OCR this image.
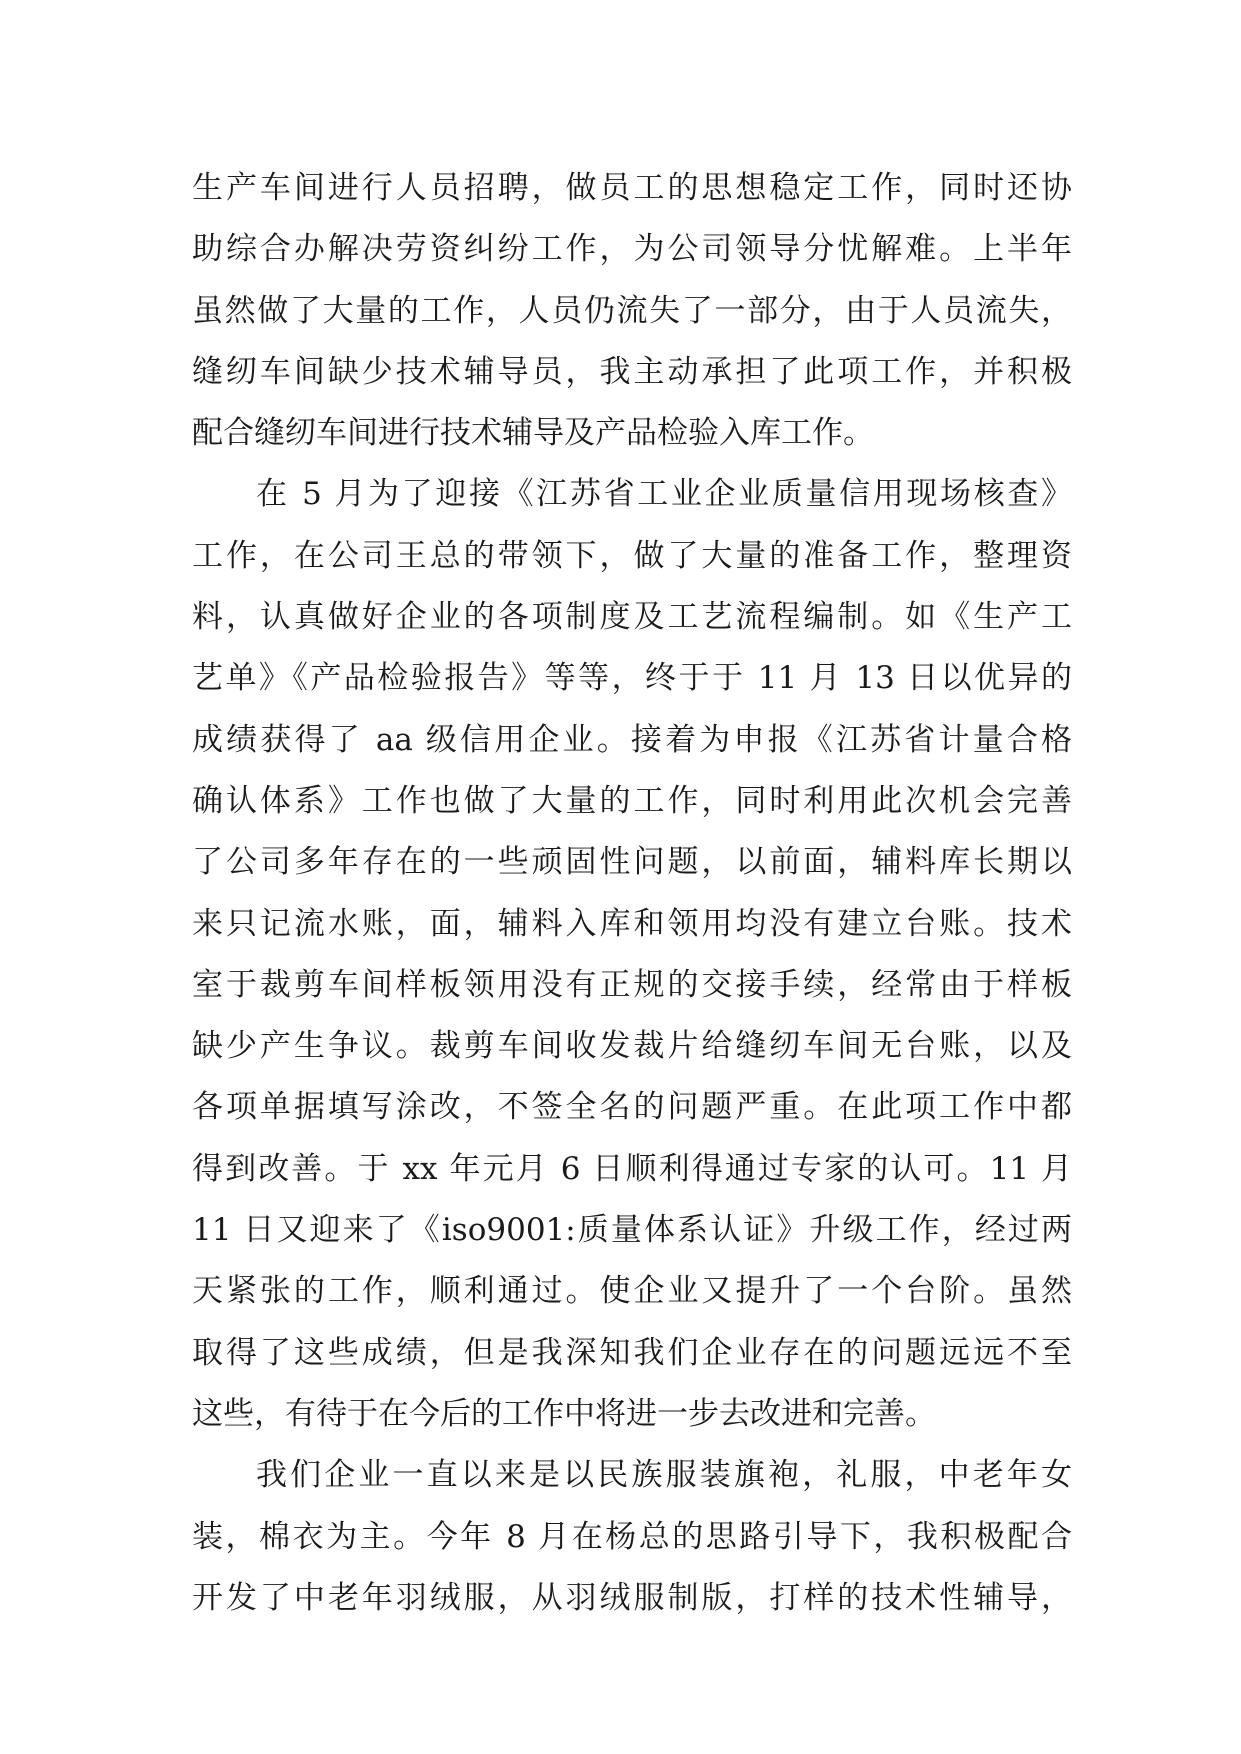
生产车间进行人员招聘，做员工的思想稳定工作，同时还协
助综合办解决劳资纠纷工作，为公司领导分忧解难。上半年
虽然做了大量的工作，人员仍流失了一部分，由于人员流失，
缝纫车间缺少技术辅导员，我主动承担了此项工作，并积极
配合缝纫车间进行技术辅导及产品检验入库工作。
在 5 月为了迎接《江苏省工业企业质量信用现场核查》
工作，在公司王总的带领下，做了大量的准备工作，整理资
料，认真做好企业的各项制度及工艺流程编制。如《生产工
艺单》《产品检验报告》等等，终于于 11 月 13 日以优异的
成绩获得了 aa 级信用企业。接着为申报《江苏省计量合格
确认体系》工作也做了大量的工作，同时利用此次机会完善
了公司多年存在的一些顽固性问题，以前面，辅料库长期以
来只记流水账，面，辅料入库和领用均没有建立台账。技术
室于裁剪车间样板领用没有正规的交接手续，经常由于样板
缺少产生争议。裁剪车间收发裁片给缝纫车间无台账，以及
各项单据填写涂改，不签全名的问题严重。在此项工作中都
得到改善。于 xx 年元月 6 日顺利得通过专家的认可。11 月
11 日又迎来了《iso9001:质量体系认证》升级工作，经过两
天紧张的工作，顺利通过。使企业又提升了一个台阶。虽然
取得了这些成绩，但是我深知我们企业存在的问题远远不至
这些，有待于在今后的工作中将进一步去改进和完善。
我们企业一直以来是以民族服装旗袍，礼服，中老年女
装，棉衣为主。今年 8 月在杨总的思路引导下，我积极配合
开发了中老年羽绒服，从羽绒服制版，打样的技术性辅导，
